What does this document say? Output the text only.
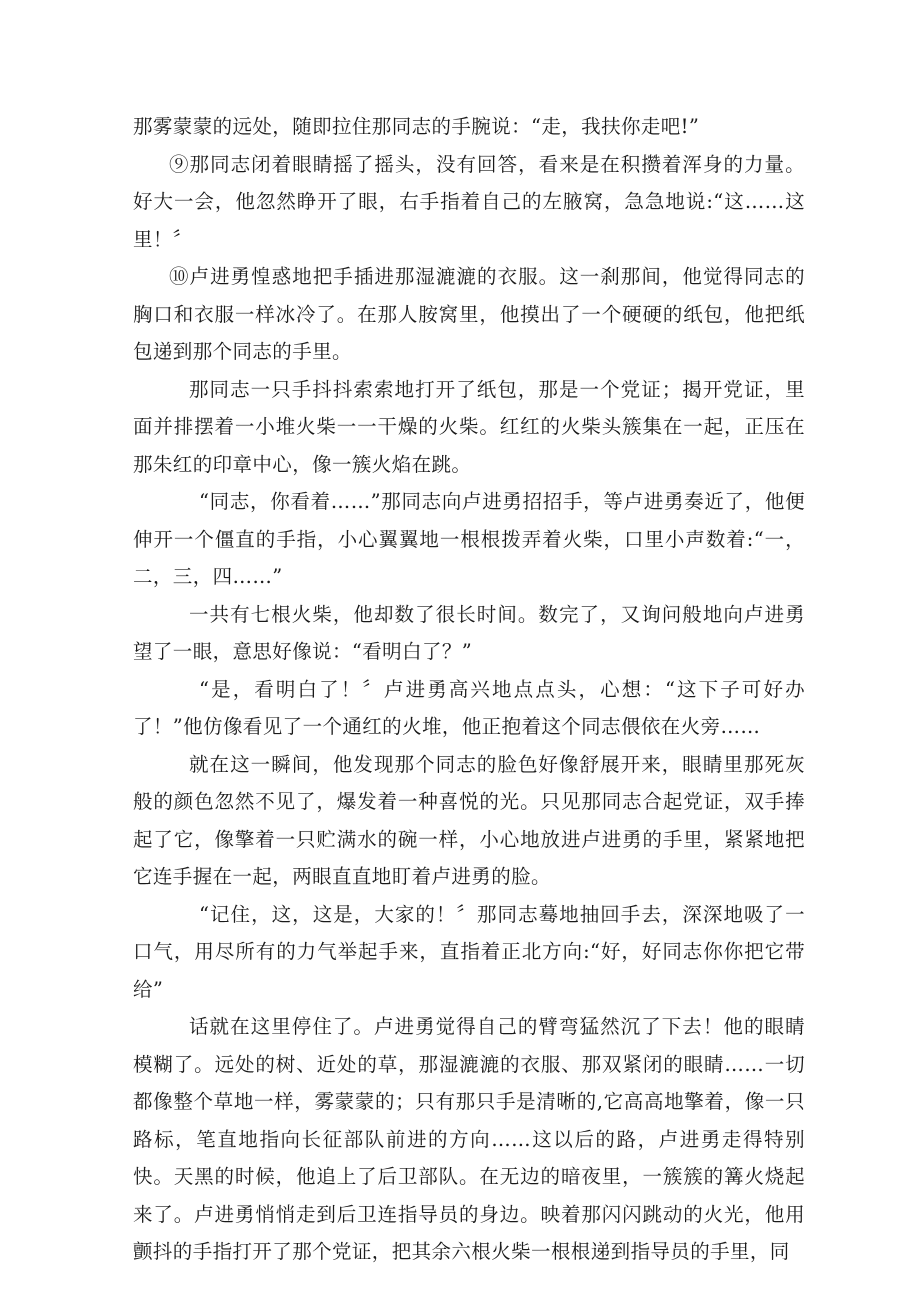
那雾蒙蒙的远处，随即拉住那同志的手腕说：“走，我扶你走吧!”

⑨那同志闭着眼睛摇了摇头，没有回答，看来是在积攒着浑身的力量。好大一会，他忽然睁开了眼，右手指着自己的左腋窝，急急地说:“这……这里！〞

⑩卢进勇惶惑地把手插进那湿漉漉的衣服。这一刹那间，他觉得同志的胸口和衣服一样冰冷了。在那人胺窝里，他摸出了一个硬硬的纸包，他把纸包递到那个同志的手里。

那同志一只手抖抖索索地打开了纸包，那是一个党证；揭开党证，里面并排摆着一小堆火柴一一干燥的火柴。红红的火柴头簇集在一起，正压在那朱红的印章中心，像一簇火焰在跳。

“同志，你看着……”那同志向卢进勇招招手，等卢进勇奏近了，他便伸开一个僵直的手指，小心翼翼地一根根拨弄着火柴，口里小声数着:“一，二，三，四……”

一共有七根火柴，他却数了很长时间。数完了，又询问般地向卢进勇望了一眼，意思好像说：“看明白了？”

“是，看明白了！〞卢进勇高兴地点点头，心想：“这下子可好办了！”他仿像看见了一个通红的火堆，他正抱着这个同志偎依在火旁……

就在这一瞬间，他发现那个同志的脸色好像舒展开来，眼睛里那死灰般的颜色忽然不见了，爆发着一种喜悦的光。只见那同志合起党证，双手捧起了它，像擎着一只贮满水的碗一样，小心地放进卢进勇的手里，紧紧地把它连手握在一起，两眼直直地盯着卢进勇的脸。

“记住，这，这是，大家的！〞那同志蓦地抽回手去，深深地吸了一口气，用尽所有的力气举起手来，直指着正北方向:“好，好同志你你把它带给”

话就在这里停住了。卢进勇觉得自己的臂弯猛然沉了下去！他的眼睛模糊了。远处的树、近处的草，那湿漉漉的衣服、那双紧闭的眼睛……一切都像整个草地一样，雾蒙蒙的；只有那只手是清晰的,它高高地擎着，像一只路标，笔直地指向长征部队前进的方向……这以后的路，卢进勇走得特别快。天黑的时候，他追上了后卫部队。在无边的暗夜里，一簇簇的篝火烧起来了。卢进勇悄悄走到后卫连指导员的身边。映着那闪闪跳动的火光，他用颤抖的手指打开了那个党证，把其余六根火柴一根根递到指导员的手里，同
